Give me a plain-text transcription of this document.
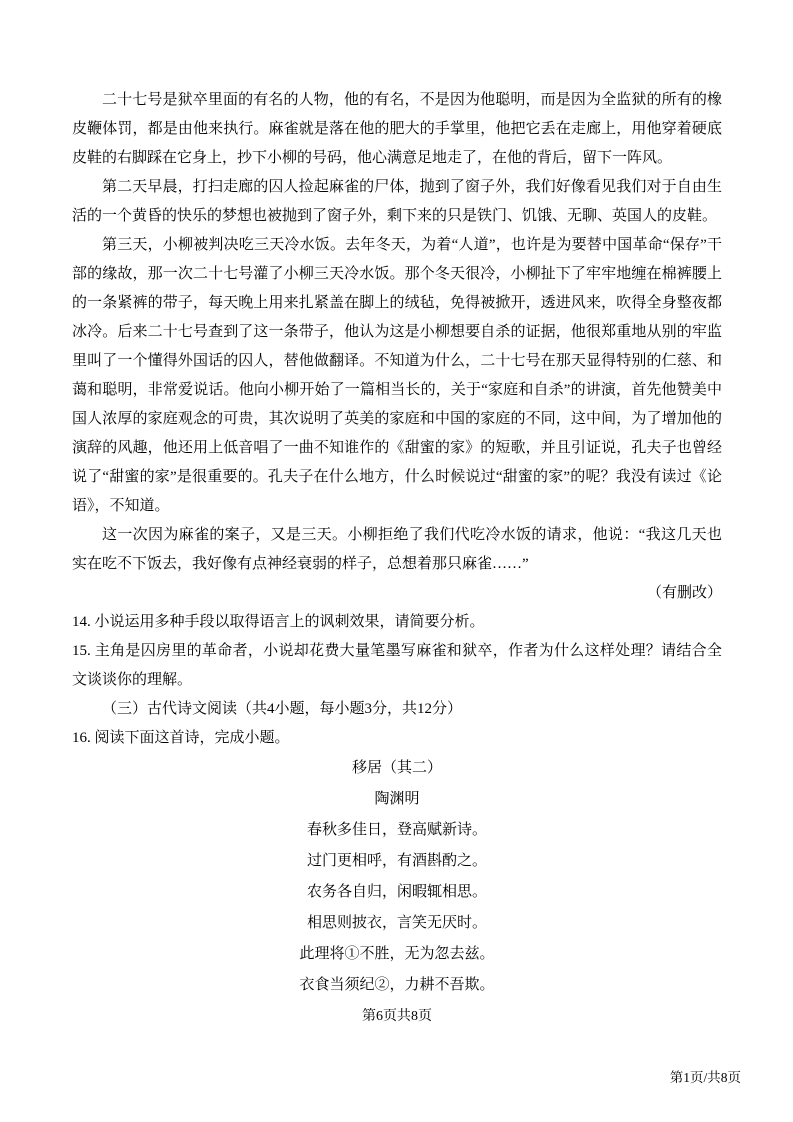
二十七号是狱卒里面的有名的人物，他的有名，不是因为他聪明，而是因为全监狱的所有的橡皮鞭体罚，都是由他来执行。麻雀就是落在他的肥大的手掌里，他把它丢在走廊上，用他穿着硬底皮鞋的右脚踩在它身上，抄下小柳的号码，他心满意足地走了，在他的背后，留下一阵风。

第二天早晨，打扫走廊的囚人捡起麻雀的尸体，抛到了窗子外，我们好像看见我们对于自由生活的一个黄昏的快乐的梦想也被抛到了窗子外，剩下来的只是铁门、饥饿、无聊、英国人的皮鞋。

第三天，小柳被判决吃三天冷水饭。去年冬天，为着“人道”，也许是为要替中国革命“保存”干部的缘故，那一次二十七号灌了小柳三天冷水饭。那个冬天很冷，小柳扯下了牢牢地缠在棉裤腰上的一条紧裤的带子，每天晚上用来扎紧盖在脚上的绒毡，免得被掀开，透进风来，吹得全身整夜都冰冷。后来二十七号查到了这一条带子，他认为这是小柳想要自杀的证据，他很郑重地从别的牢监里叫了一个懂得外国话的囚人，替他做翻译。不知道为什么，二十七号在那天显得特别的仁慈、和蔼和聪明，非常爱说话。他向小柳开始了一篇相当长的，关于“家庭和自杀”的讲演，首先他赞美中国人浓厚的家庭观念的可贵，其次说明了英美的家庭和中国的家庭的不同，这中间，为了增加他的演辞的风趣，他还用上低音唱了一曲不知谁作的《甜蜜的家》的短歌，并且引证说，孔夫子也曾经说了“甜蜜的家”是很重要的。孔夫子在什么地方，什么时候说过“甜蜜的家”的呢？我没有读过《论语》，不知道。

这一次因为麻雀的案子，又是三天。小柳拒绝了我们代吃冷水饭的请求，他说：“我这几天也实在吃不下饭去，我好像有点神经衰弱的样子，总想着那只麻雀……”

（有删改）

14. 小说运用多种手段以取得语言上的讽刺效果，请简要分析。

15. 主角是囚房里的革命者，小说却花费大量笔墨写麻雀和狱卒，作者为什么这样处理？请结合全文谈谈你的理解。

（三）古代诗文阅读（共4小题，每小题3分，共12分）

16. 阅读下面这首诗，完成小题。

移居（其二）

陶渊明

春秋多佳日，登高赋新诗。

过门更相呼，有酒斟酌之。

农务各自归，闲暇辄相思。

相思则披衣，言笑无厌时。

此理将①不胜，无为忽去兹。

衣食当须纪②，力耕不吾欺。

第6页共8页

第1页/共8页
